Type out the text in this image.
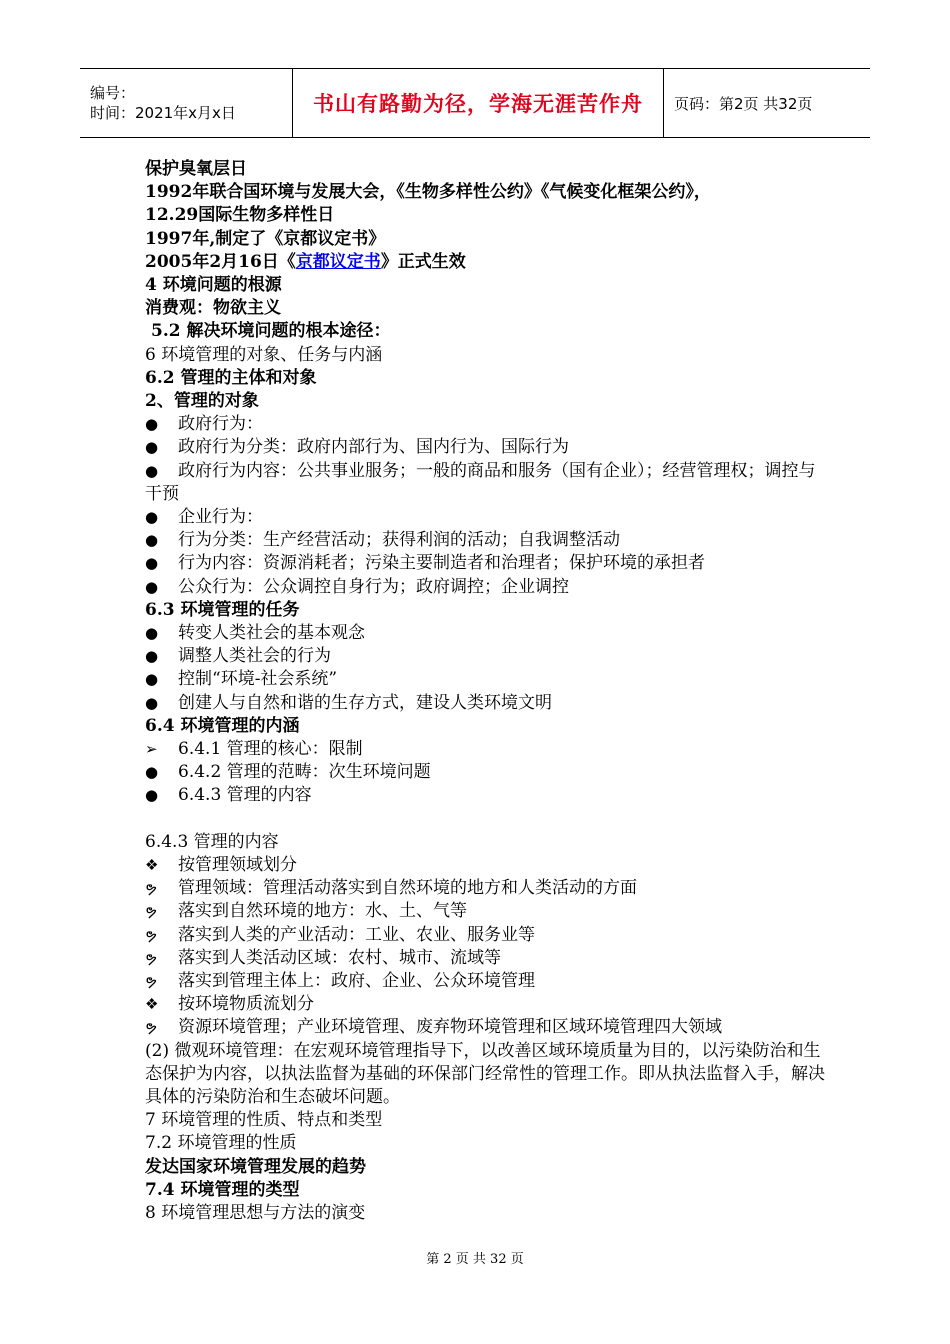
编号：
时间：2021年x月x日	书山有路勤为径，学海无涯苦作舟 页码：第2页 共32页
保护臭氧层日
1992年联合国环境与发展大会，《生物多样性公约》《气候变化框架公约》，
12.29国际生物多样性日
1997年,制定了《京都议定书》
2005年2月16日《京都议定书》正式生效
4 环境问题的根源
消费观：物欲主义
5.2 解决环境问题的根本途径：
6 环境管理的对象、任务与内涵
6.2 管理的主体和对象
2、管理的对象
●	政府行为：
●	政府行为分类：政府内部行为、国内行为、国际行为
● 政府行为内容：公共事业服务；一般的商品和服务（国有企业）；经营管理权；调控与干预
●	企业行为：
●	行为分类：生产经营活动；获得利润的活动；自我调整活动
●	行为内容：资源消耗者；污染主要制造者和治理者；保护环境的承担者
●	公众行为：公众调控自身行为；政府调控；企业调控
6.3 环境管理的任务
●	转变人类社会的基本观念
●	调整人类社会的行为
●	控制“环境-社会系统”
●	创建人与自然和谐的生存方式，建设人类环境文明
6.4 环境管理的内涵
➢	6.4.1 管理的核心：限制
●	6.4.2 管理的范畴：次生环境问题
●	6.4.3 管理的内容
6.4.3 管理的内容
❖	按管理领域划分
ຯ	管理领域：管理活动落实到自然环境的地方和人类活动的方面
ຯ	落实到自然环境的地方：水、土、气等
ຯ	落实到人类的产业活动：工业、农业、服务业等
ຯ	落实到人类活动区域：农村、城市、流域等
ຯ	落实到管理主体上：政府、企业、公众环境管理
❖	按环境物质流划分
ຯ	资源环境管理；产业环境管理、废弃物环境管理和区域环境管理四大领域
(2) 微观环境管理：在宏观环境管理指导下，以改善区域环境质量为目的，以污染防治和生态保护为内容，以执法监督为基础的环保部门经常性的管理工作。即从执法监督入手，解决具体的污染防治和生态破坏问题。
7 环境管理的性质、特点和类型
7.2 环境管理的性质
发达国家环境管理发展的趋势
7.4 环境管理的类型
8 环境管理思想与方法的演变
第 2 页 共 32 页
